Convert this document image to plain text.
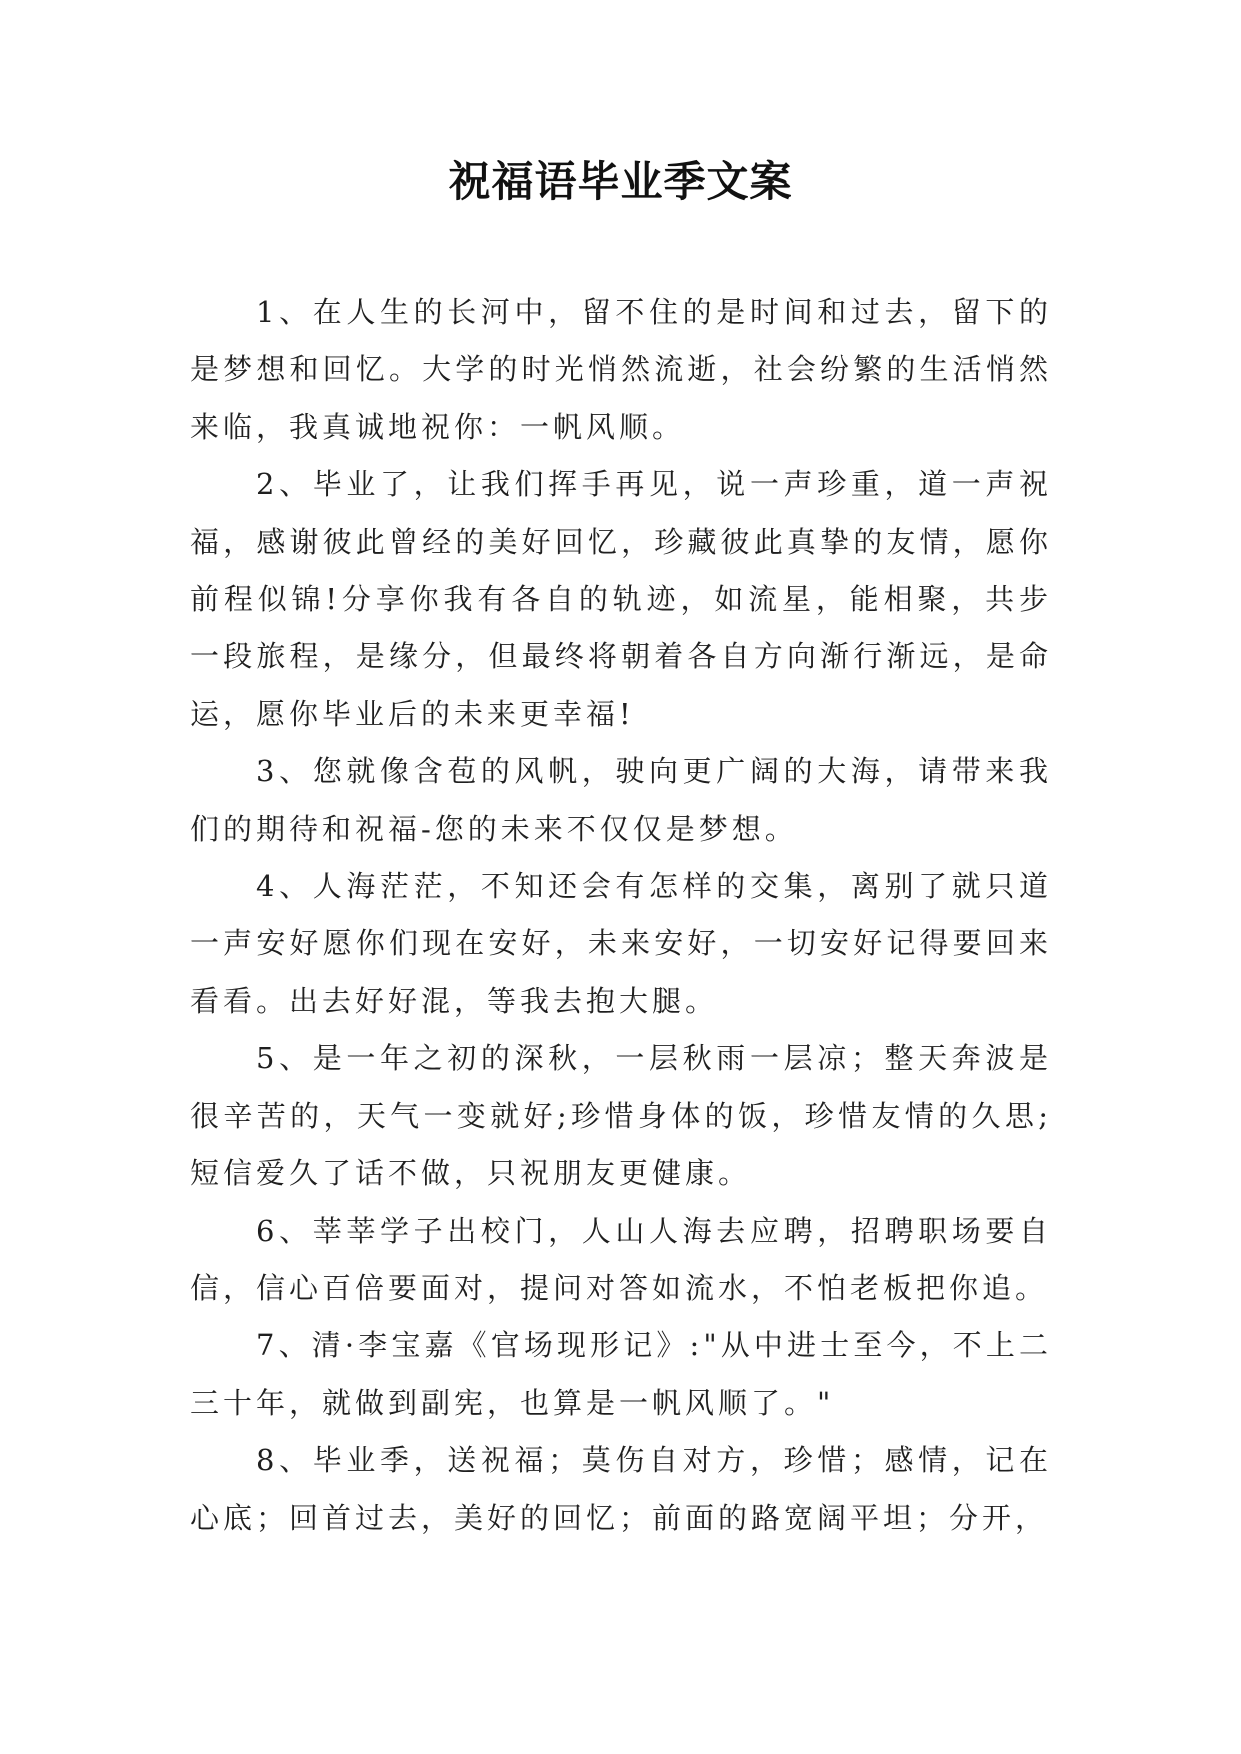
祝福语毕业季文案

1、在人生的长河中，留不住的是时间和过去，留下的是梦想和回忆。大学的时光悄然流逝，社会纷繁的生活悄然来临，我真诚地祝你：一帆风顺。

2、毕业了，让我们挥手再见，说一声珍重，道一声祝福，感谢彼此曾经的美好回忆，珍藏彼此真挚的友情，愿你前程似锦!分享你我有各自的轨迹，如流星，能相聚，共步一段旅程，是缘分，但最终将朝着各自方向渐行渐远，是命运，愿你毕业后的未来更幸福!

3、您就像含苞的风帆，驶向更广阔的大海，请带来我们的期待和祝福-您的未来不仅仅是梦想。

4、人海茫茫，不知还会有怎样的交集，离别了就只道一声安好愿你们现在安好，未来安好，一切安好记得要回来看看。出去好好混，等我去抱大腿。

5、是一年之初的深秋，一层秋雨一层凉；整天奔波是很辛苦的，天气一变就好;珍惜身体的饭，珍惜友情的久思;短信爱久了话不做，只祝朋友更健康。

6、莘莘学子出校门，人山人海去应聘，招聘职场要自信，信心百倍要面对，提问对答如流水，不怕老板把你追。

7、清·李宝嘉《官场现形记》:"从中进士至今，不上二三十年，就做到副宪，也算是一帆风顺了。"

8、毕业季，送祝福；莫伤自对方，珍惜；感情，记在心底；回首过去，美好的回忆；前面的路宽阔平坦；分开，
